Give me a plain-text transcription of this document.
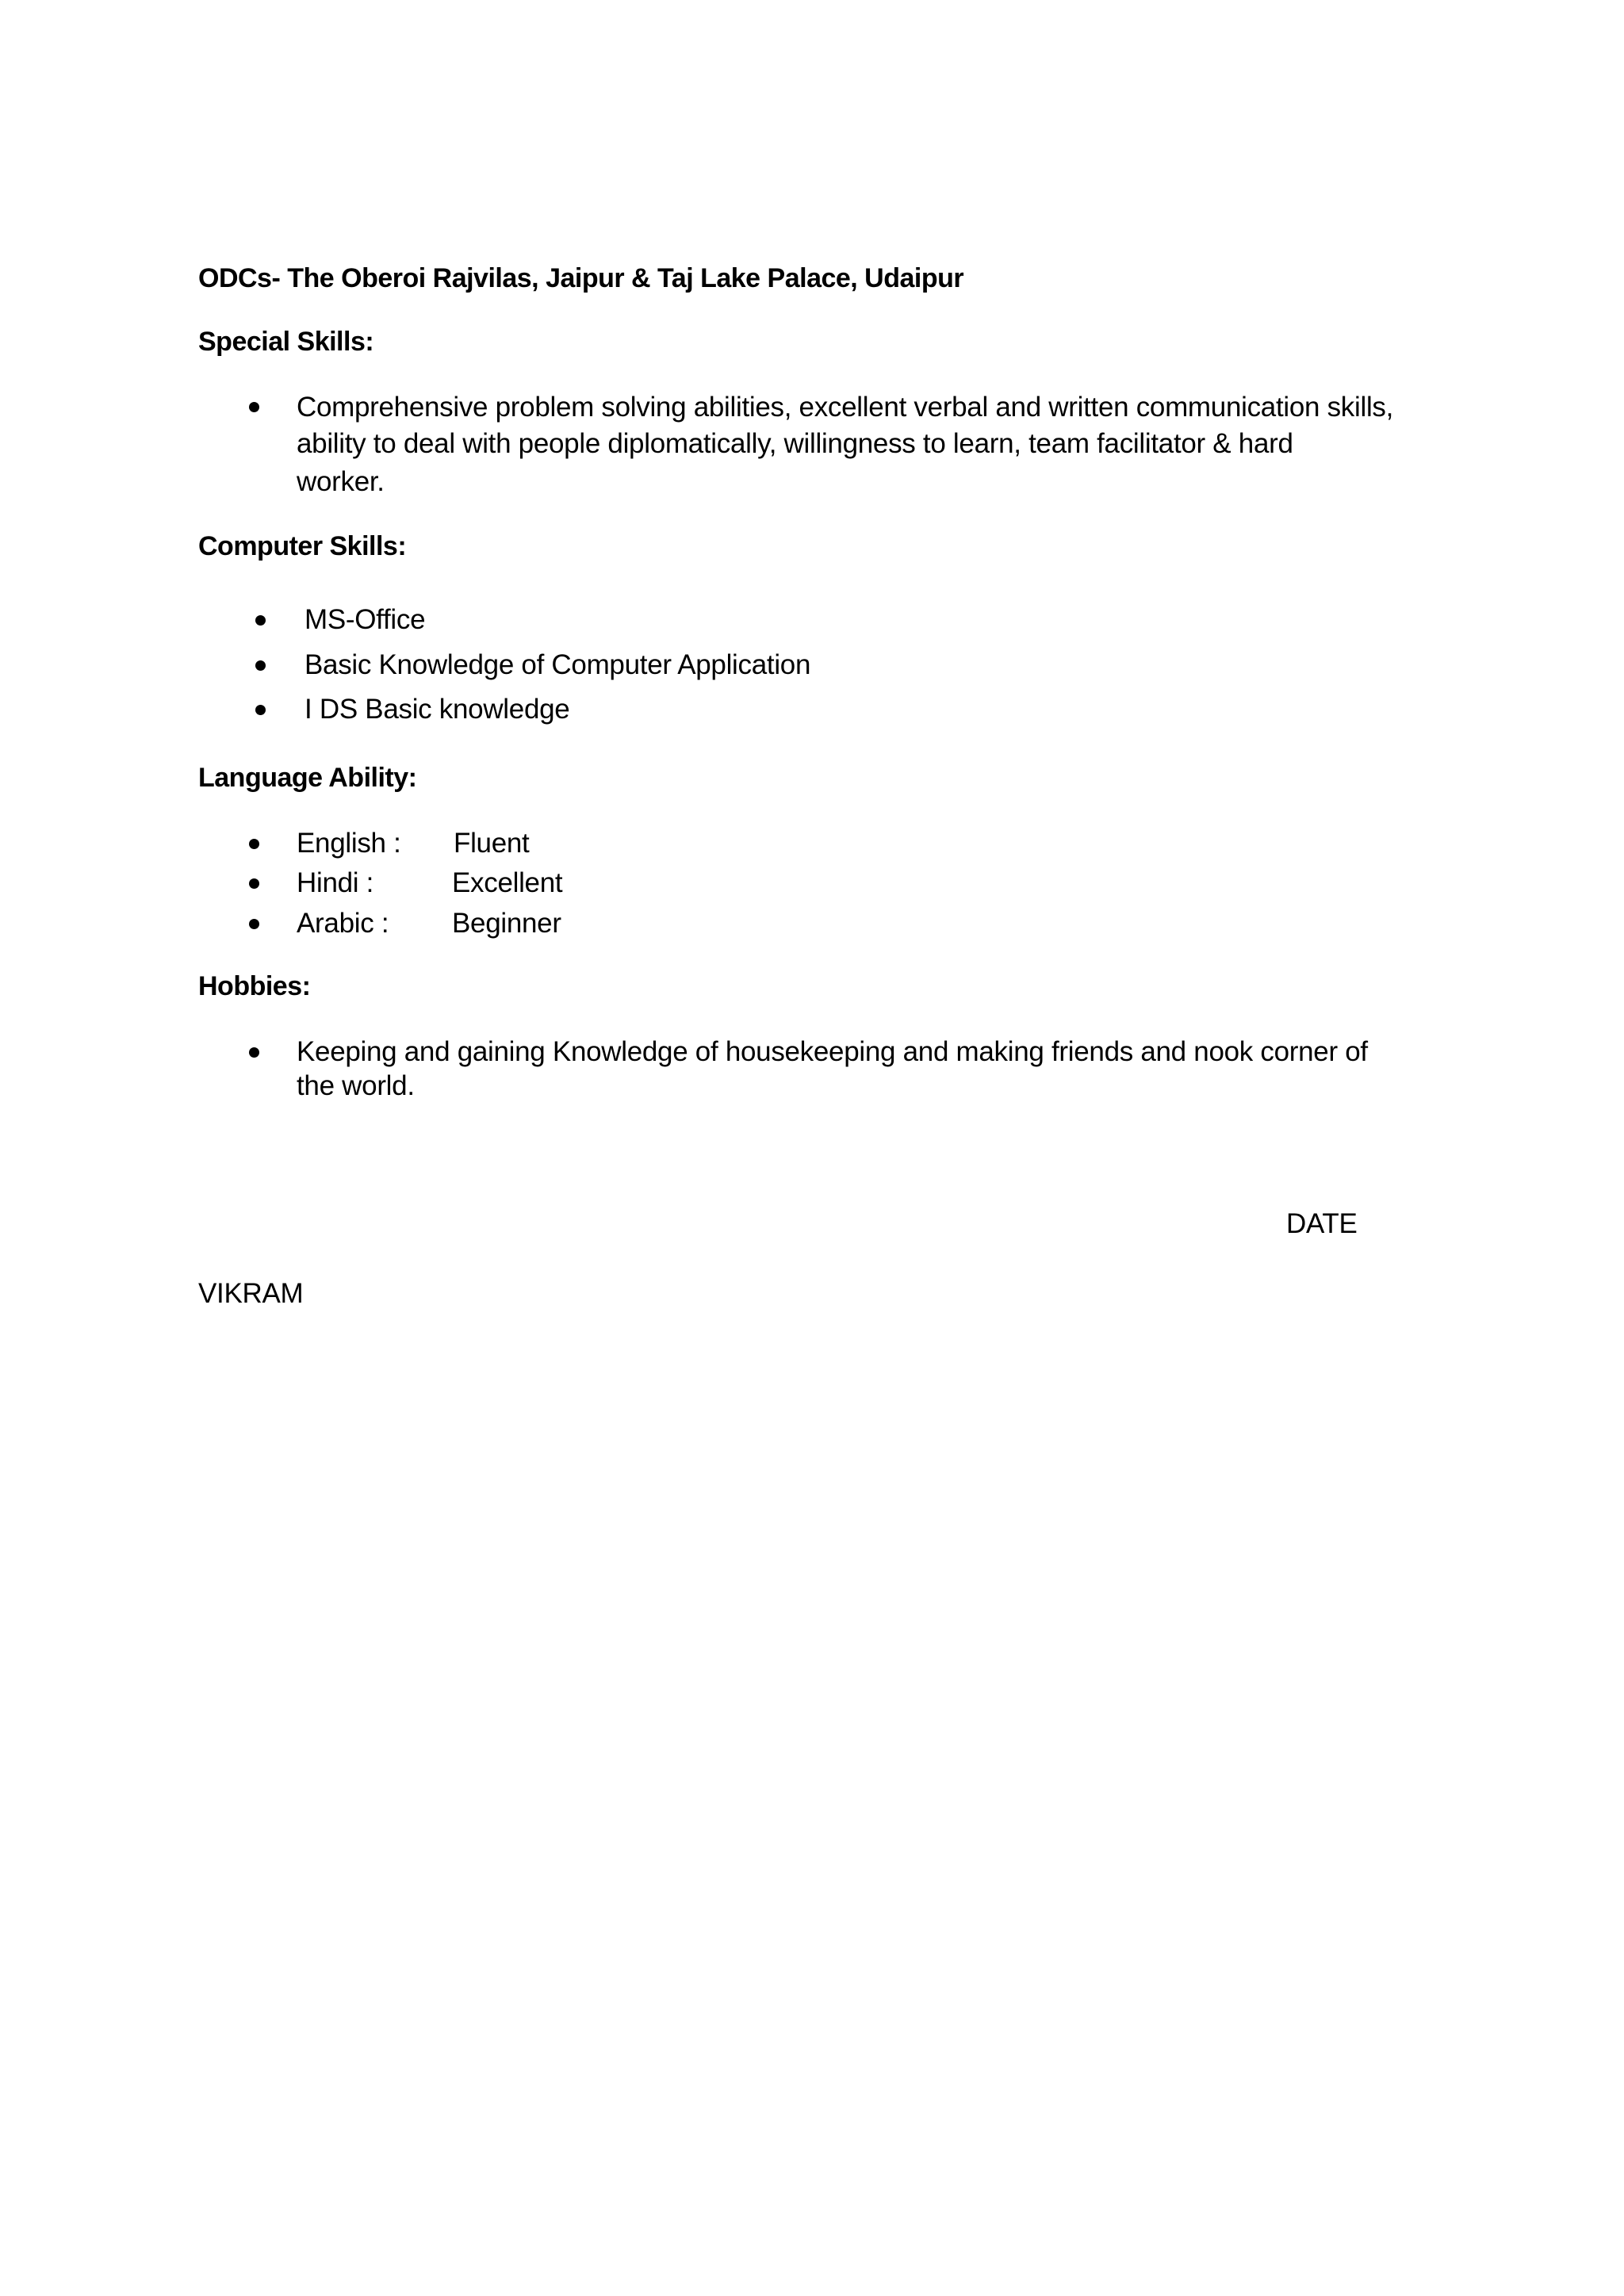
ODCs- The Oberoi Rajvilas, Jaipur & Taj Lake Palace, Udaipur
Special Skills:
Comprehensive problem solving abilities, excellent verbal and written communication skills,
ability to deal with people diplomatically, willingness to learn, team facilitator & hard
worker.
Computer Skills:
MS-Office
Basic Knowledge of Computer Application
I DS Basic knowledge
Language Ability:
English : Fluent
Hindi :	Excellent
Arabic : Beginner
Hobbies:
Keeping and gaining Knowledge of housekeeping and making friends and nook corner of
the world.
DATE
VIKRAM
